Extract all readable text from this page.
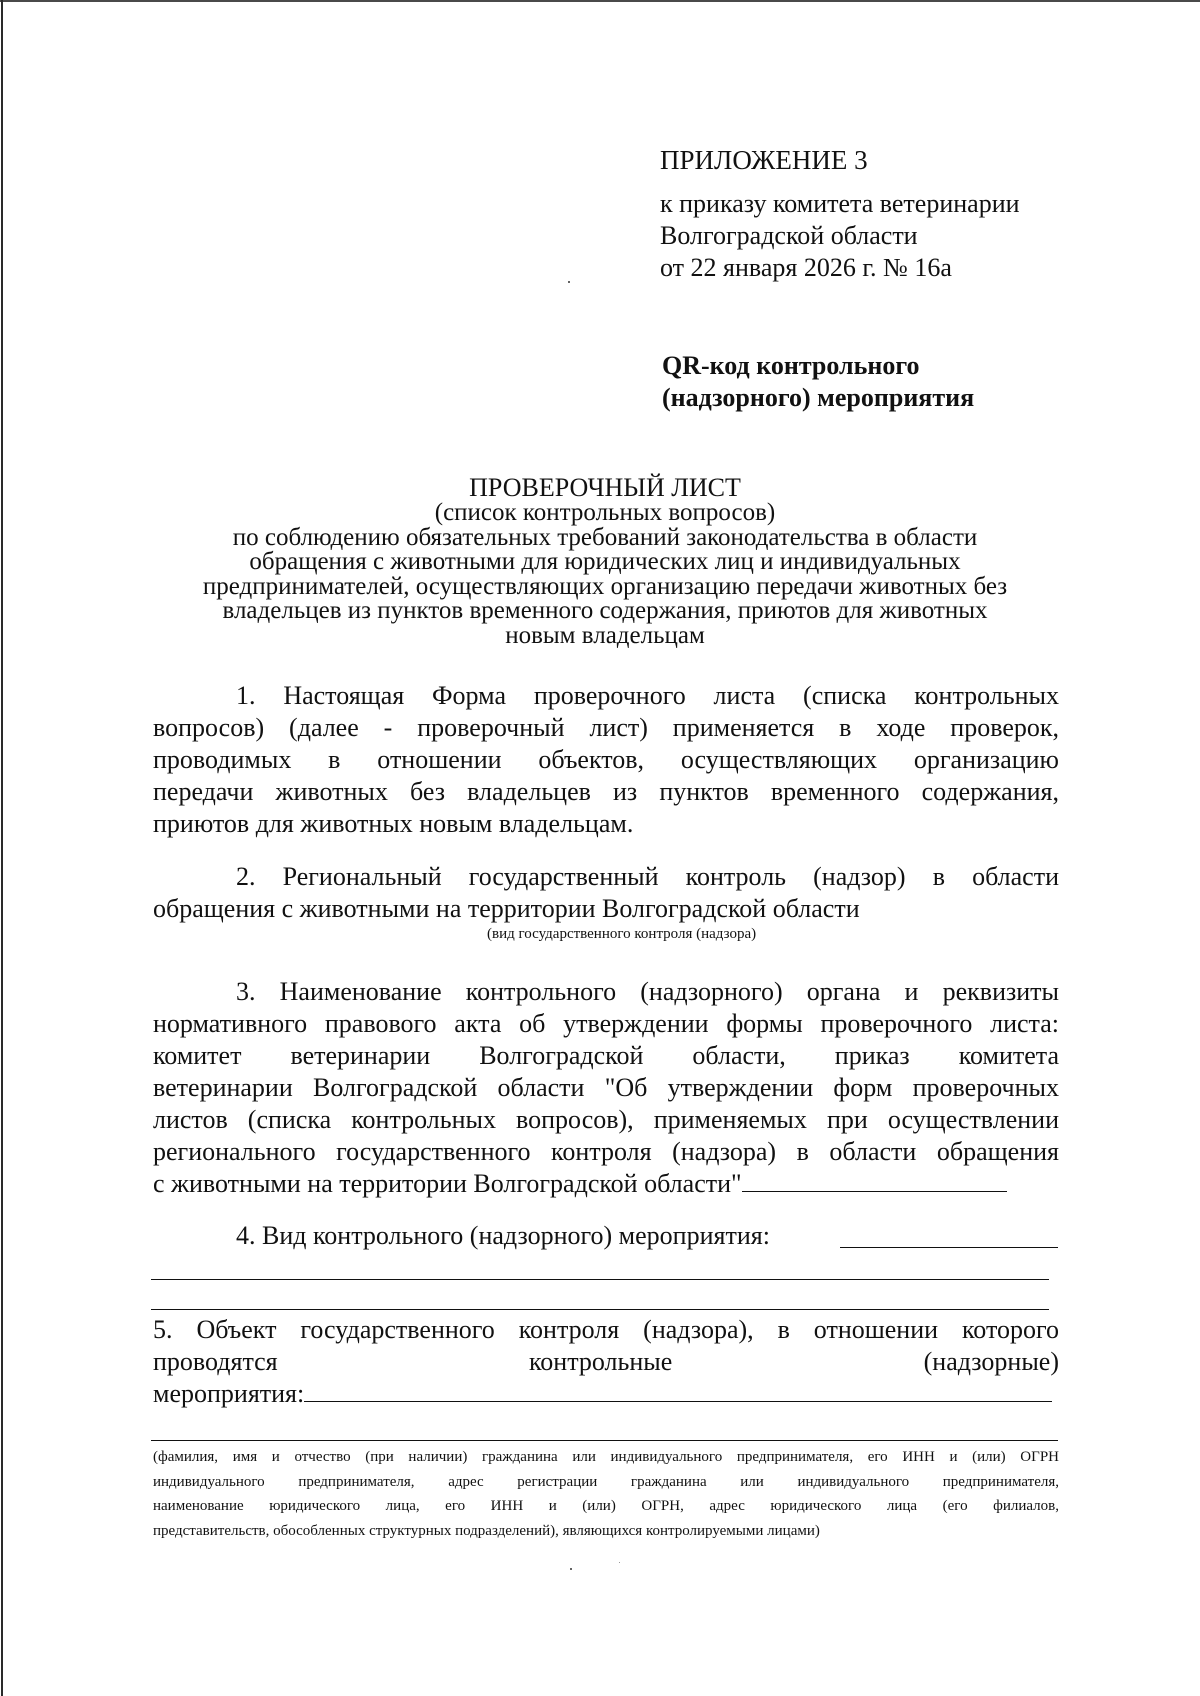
ПРИЛОЖЕНИЕ 3
к приказу комитета ветеринарии
Волгоградской области
от 22 января 2026 г. № 16а
QR-код контрольного
(надзорного) мероприятия
ПРОВЕРОЧНЫЙ ЛИСТ
(список контрольных вопросов)
по соблюдению обязательных требований законодательства в области
обращения с животными для юридических лиц и индивидуальных
предпринимателей, осуществляющих организацию передачи животных без
владельцев из пунктов временного содержания, приютов для животных
новым владельцам
1. Настоящая Форма проверочного листа (списка контрольных
вопросов) (далее - проверочный лист) применяется в ходе проверок,
проводимых в отношении объектов, осуществляющих организацию
передачи животных без владельцев из пунктов временного содержания,
приютов для животных новым владельцам.
2. Региональный государственный контроль (надзор) в области
обращения с животными на территории Волгоградской области
(вид государственного контроля (надзора)
3. Наименование контрольного (надзорного) органа и реквизиты
нормативного правового акта об утверждении формы проверочного листа:
комитет ветеринарии Волгоградской области, приказ комитета
ветеринарии Волгоградской области "Об утверждении форм проверочных
листов (списка контрольных вопросов), применяемых при осуществлении
регионального государственного контроля (надзора) в области обращения
с животными на территории Волгоградской области"
4. Вид контрольного (надзорного) мероприятия:
5. Объект государственного контроля (надзора), в отношении которого
проводятся контрольные (надзорные)
мероприятия:
(фамилия, имя и отчество (при наличии) гражданина или индивидуального предпринимателя, его ИНН и (или) ОГРН
индивидуального предпринимателя, адрес регистрации гражданина или индивидуального предпринимателя,
наименование юридического лица, его ИНН и (или) ОГРН, адрес юридического лица (его филиалов,
представительств, обособленных структурных подразделений), являющихся контролируемыми лицами)
